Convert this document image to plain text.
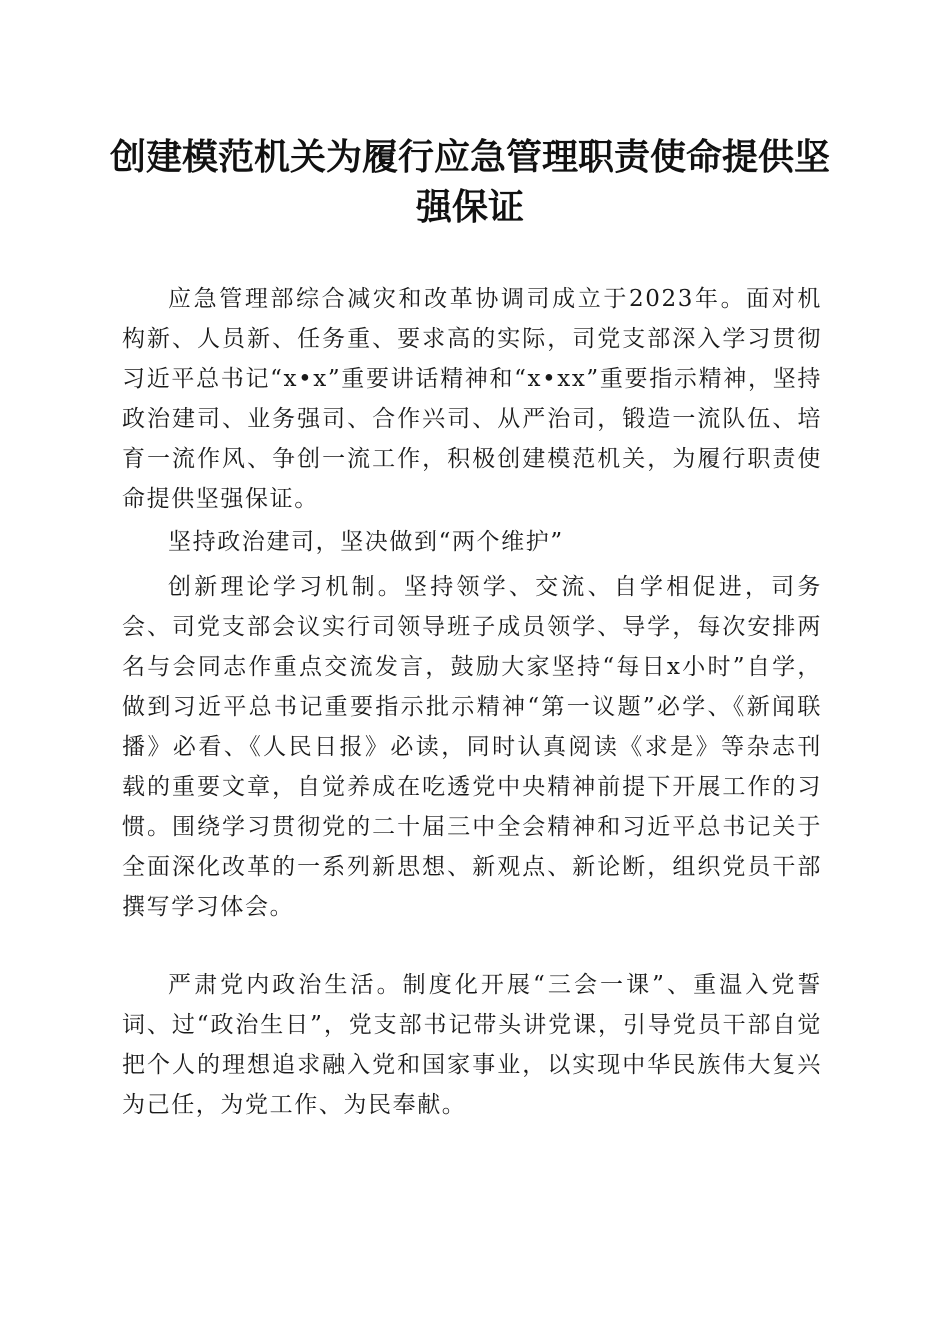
创建模范机关为履行应急管理职责使命提供坚
强保证

应急管理部综合减灾和改革协调司成立于2023年。面对机构新、人员新、任务重、要求高的实际，司党支部深入学习贯彻习近平总书记“x•x”重要讲话精神和“x•xx”重要指示精神，坚持政治建司、业务强司、合作兴司、从严治司，锻造一流队伍、培育一流作风、争创一流工作，积极创建模范机关，为履行职责使命提供坚强保证。

坚持政治建司，坚决做到“两个维护”

创新理论学习机制。坚持领学、交流、自学相促进，司务会、司党支部会议实行司领导班子成员领学、导学，每次安排两名与会同志作重点交流发言，鼓励大家坚持“每日x小时”自学，做到习近平总书记重要指示批示精神“第一议题”必学、《新闻联播》必看、《人民日报》必读，同时认真阅读《求是》等杂志刊载的重要文章，自觉养成在吃透党中央精神前提下开展工作的习惯。围绕学习贯彻党的二十届三中全会精神和习近平总书记关于全面深化改革的一系列新思想、新观点、新论断，组织党员干部撰写学习体会。

严肃党内政治生活。制度化开展“三会一课”、重温入党誓词、过“政治生日”，党支部书记带头讲党课，引导党员干部自觉把个人的理想追求融入党和国家事业，以实现中华民族伟大复兴为己任，为党工作、为民奉献。
